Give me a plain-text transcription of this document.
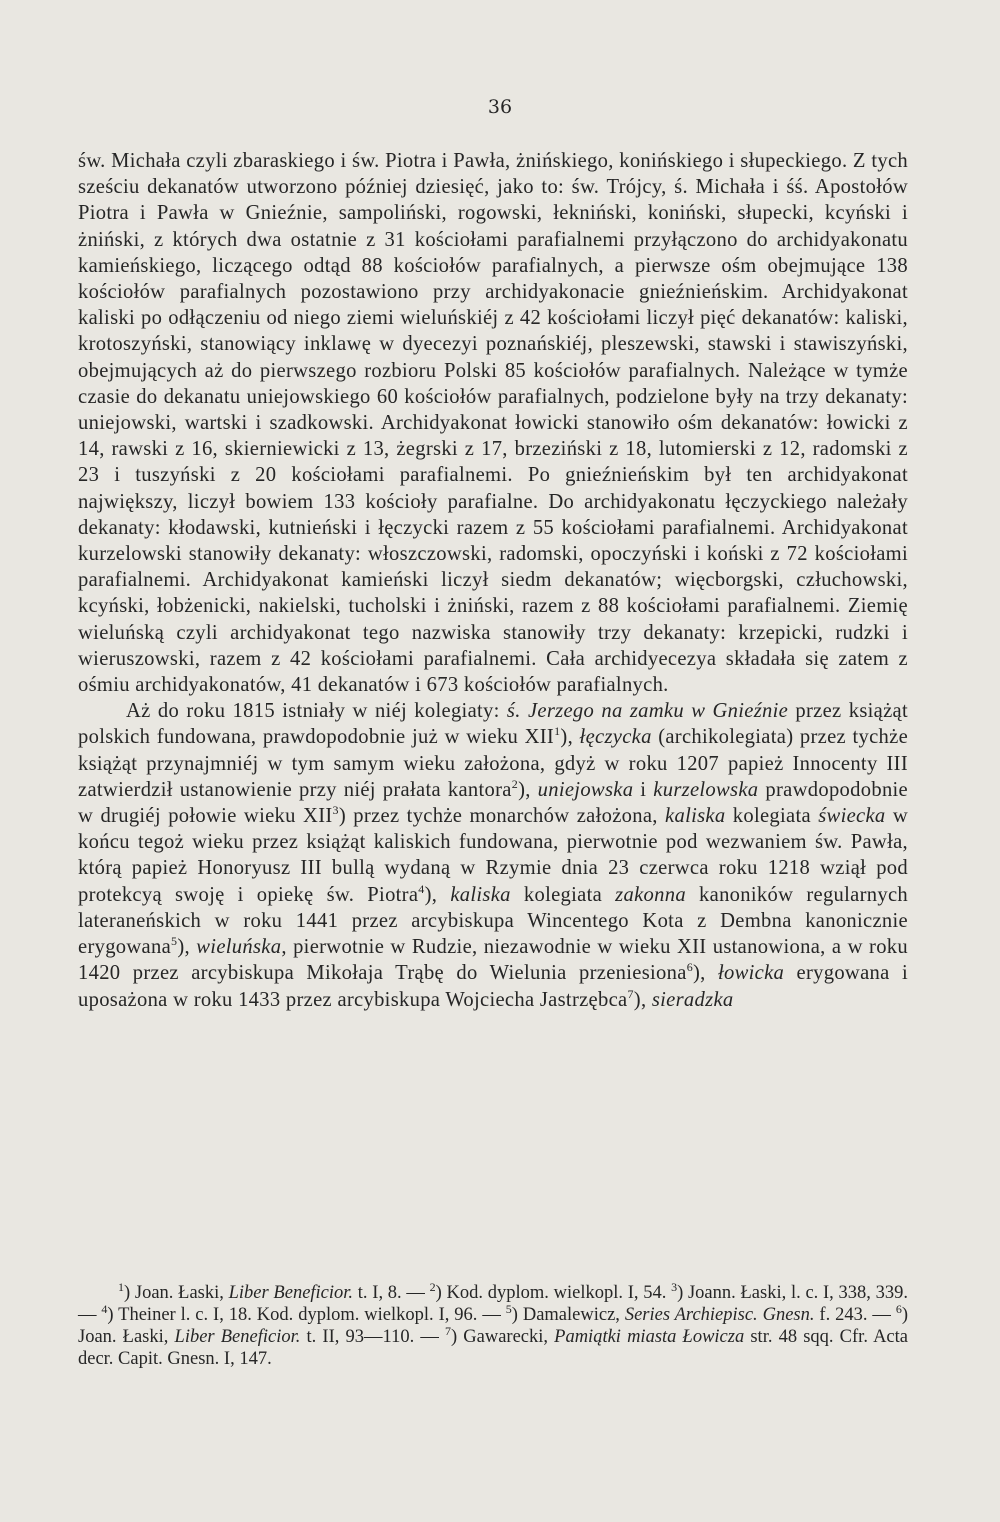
36

św. Michała czyli zbaraskiego i św. Piotra i Pawła, żnińskiego, konińskiego i słupeckiego. Z tych sześciu dekanatów utworzono później dziesięć, jako to: św. Trójcy, ś. Michała i śś. Apostołów Piotra i Pawła w Gnieźnie, sampoliński, rogowski, łekniński, koniński, słupecki, kcyński i żniński, z których dwa ostatnie z 31 kościołami parafialnemi przyłączono do archidyakonatu kamieńskiego, liczącego odtąd 88 kościołów parafialnych, a pierwsze ośm obejmujące 138 kościołów parafialnych pozostawiono przy archidyakonacie gnieźnieńskim. Archidyakonat kaliski po odłączeniu od niego ziemi wieluńskiéj z 42 kościołami liczył pięć dekanatów: kaliski, krotoszyński, stanowiący inklawę w dyecezyi poznańskiéj, pleszewski, stawski i stawiszyński, obejmujących aż do pierwszego rozbioru Polski 85 kościołów parafialnych. Należące w tymże czasie do dekanatu uniejowskiego 60 kościołów parafialnych, podzielone były na trzy dekanaty: uniejowski, wartski i szadkowski. Archidyakonat łowicki stanowiło ośm dekanatów: łowicki z 14, rawski z 16, skierniewicki z 13, żegrski z 17, brzeziński z 18, lutomierski z 12, radomski z 23 i tuszyński z 20 kościołami parafialnemi. Po gnieźnieńskim był ten archidyakonat największy, liczył bowiem 133 kościoły parafialne. Do archidyakonatu łęczyckiego należały dekanaty: kłodawski, kutnieński i łęczycki razem z 55 kościołami parafialnemi. Archidyakonat kurzelowski stanowiły dekanaty: włoszczowski, radomski, opoczyński i koński z 72 kościołami parafialnemi. Archidyakonat kamieński liczył siedm dekanatów; więcborgski, człuchowski, kcyński, łobżenicki, nakielski, tucholski i żniński, razem z 88 kościołami parafialnemi. Ziemię wieluńską czyli archidyakonat tego nazwiska stanowiły trzy dekanaty: krzepicki, rudzki i wieruszowski, razem z 42 kościołami parafialnemi. Cała archidyecezya składała się zatem z ośmiu archidyakonatów, 41 dekanatów i 673 kościołów parafialnych.

Aż do roku 1815 istniały w niéj kolegiaty: ś. Jerzego na zamku w Gnieźnie przez książąt polskich fundowana, prawdopodobnie już w wieku XII$^1$), łęczycka (archikolegiata) przez tychże książąt przynajmniéj w tym samym wieku założona, gdyż w roku 1207 papież Innocenty III zatwierdził ustanowienie przy niéj prałata kantora$^2$), uniejowska i kurzelowska prawdopodobnie w drugiéj połowie wieku XII$^3$) przez tychże monarchów założona, kaliska kolegiata świecka w końcu tegoż wieku przez książąt kaliskich fundowana, pierwotnie pod wezwaniem św. Pawła, którą papież Honoryusz III bullą wydaną w Rzymie dnia 23 czerwca roku 1218 wziął pod protekcyą swoję i opiekę św. Piotra$^4$), kaliska kolegiata zakonna kanoników regularnych lateraneńskich w roku 1441 przez arcybiskupa Wincentego Kota z Dembna kanonicznie erygowana$^5$), wieluńska, pierwotnie w Rudzie, niezawodnie w wieku XII ustanowiona, a w roku 1420 przez arcybiskupa Mikołaja Trąbę do Wielunia przeniesiona$^6$), łowicka erygowana i uposażona w roku 1433 przez arcybiskupa Wojciecha Jastrzębca$^7$), sieradzka

$^1$) Joan. Łaski, Liber Beneficior. t. I, 8. — $^2$) Kod. dyplom. wielkopl. I, 54. $^3$) Joann. Łaski, l. c. I, 338, 339. — $^4$) Theiner l. c. I, 18. Kod. dyplom. wielkopl. I, 96. — $^5$) Damalewicz, Series Archiepisc. Gnesn. f. 243. — $^6$) Joan. Łaski, Liber Beneficior. t. II, 93—110. — $^7$) Gawarecki, Pamiątki miasta Łowicza str. 48 sqq. Cfr. Acta decr. Capit. Gnesn. I, 147.
